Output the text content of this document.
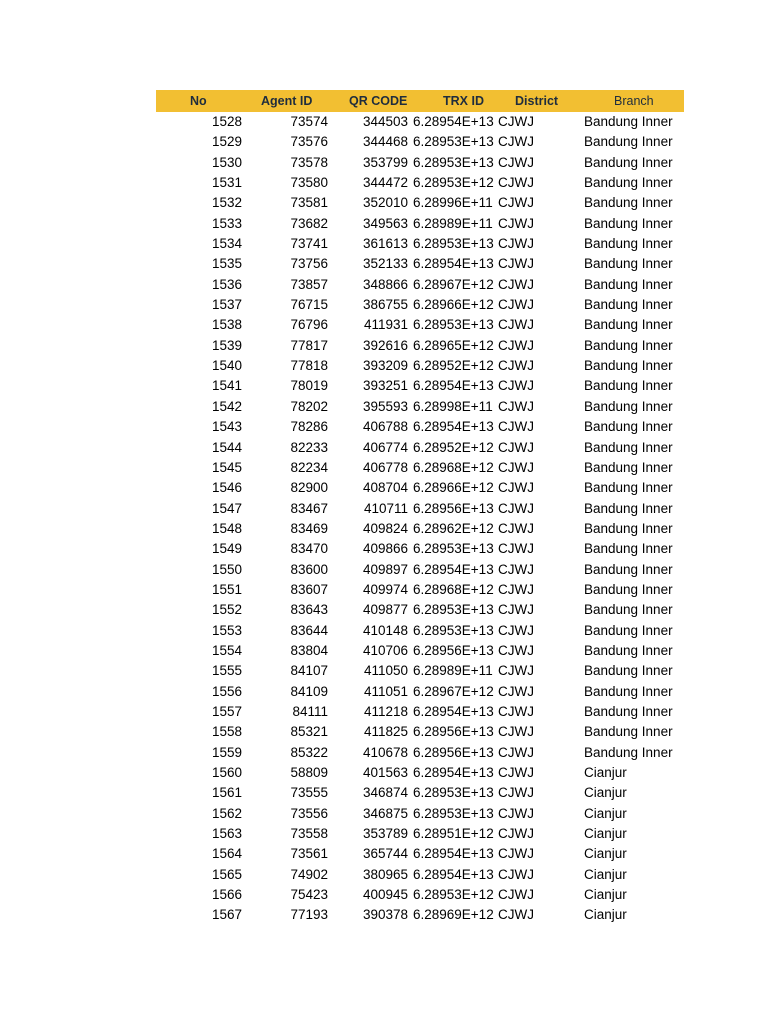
No	Agent ID	QR CODE	TRX ID	District	Branch
1528	73574	344503 6.28954E+13 CJWJ	Bandung Inner
1529	73576	344468 6.28953E+13 CJWJ	Bandung Inner
1530	73578	353799 6.28953E+13 CJWJ	Bandung Inner
1531	73580	344472 6.28953E+12 CJWJ	Bandung Inner
1532	73581	352010 6.28996E+11 CJWJ	Bandung Inner
1533	73682	349563 6.28989E+11 CJWJ	Bandung Inner
1534	73741	361613 6.28953E+13 CJWJ	Bandung Inner
1535	73756	352133 6.28954E+13 CJWJ	Bandung Inner
1536	73857	348866 6.28967E+12 CJWJ	Bandung Inner
1537	76715	386755 6.28966E+12 CJWJ	Bandung Inner
1538	76796	411931 6.28953E+13 CJWJ	Bandung Inner
1539	77817	392616 6.28965E+12 CJWJ	Bandung Inner
1540	77818	393209 6.28952E+12 CJWJ	Bandung Inner
1541	78019	393251 6.28954E+13 CJWJ	Bandung Inner
1542	78202	395593 6.28998E+11 CJWJ	Bandung Inner
1543	78286	406788 6.28954E+13 CJWJ	Bandung Inner
1544	82233	406774 6.28952E+12 CJWJ	Bandung Inner
1545	82234	406778 6.28968E+12 CJWJ	Bandung Inner
1546	82900	408704 6.28966E+12 CJWJ	Bandung Inner
1547	83467	410711 6.28956E+13 CJWJ	Bandung Inner
1548	83469	409824 6.28962E+12 CJWJ	Bandung Inner
1549	83470	409866 6.28953E+13 CJWJ	Bandung Inner
1550	83600	409897 6.28954E+13 CJWJ	Bandung Inner
1551	83607	409974 6.28968E+12 CJWJ	Bandung Inner
1552	83643	409877 6.28953E+13 CJWJ	Bandung Inner
1553	83644	410148 6.28953E+13 CJWJ	Bandung Inner
1554	83804	410706 6.28956E+13 CJWJ	Bandung Inner
1555	84107	411050 6.28989E+11 CJWJ	Bandung Inner
1556	84109	411051 6.28967E+12 CJWJ	Bandung Inner
1557	84111	411218 6.28954E+13 CJWJ	Bandung Inner
1558	85321	411825 6.28956E+13 CJWJ	Bandung Inner
1559	85322	410678 6.28956E+13 CJWJ	Bandung Inner
1560	58809	401563 6.28954E+13 CJWJ	Cianjur
1561	73555	346874 6.28953E+13 CJWJ	Cianjur
1562	73556	346875 6.28953E+13 CJWJ	Cianjur
1563	73558	353789 6.28951E+12 CJWJ	Cianjur
1564	73561	365744 6.28954E+13 CJWJ	Cianjur
1565	74902	380965 6.28954E+13 CJWJ	Cianjur
1566	75423	400945 6.28953E+12 CJWJ	Cianjur
1567	77193	390378 6.28969E+12 CJWJ	Cianjur
